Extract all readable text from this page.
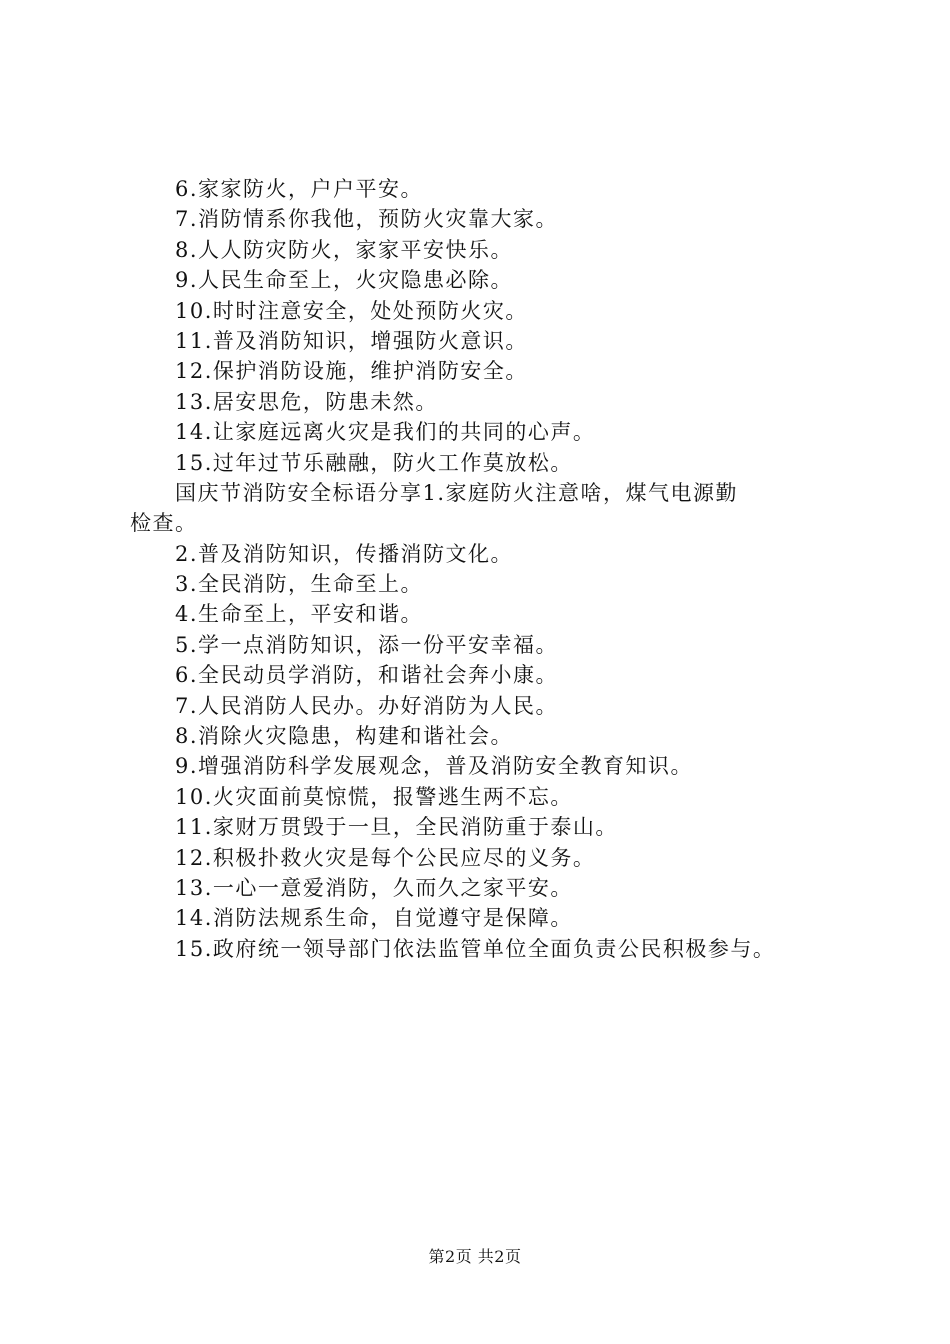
6.家家防火，户户平安。
7.消防情系你我他，预防火灾靠大家。
8.人人防灾防火，家家平安快乐。
9.人民生命至上，火灾隐患必除。
10.时时注意安全，处处预防火灾。
11.普及消防知识，增强防火意识。
12.保护消防设施，维护消防安全。
13.居安思危，防患未然。
14.让家庭远离火灾是我们的共同的心声。
15.过年过节乐融融，防火工作莫放松。
国庆节消防安全标语分享1.家庭防火注意啥，煤气电源勤
检查。
2.普及消防知识，传播消防文化。
3.全民消防，生命至上。
4.生命至上，平安和谐。
5.学一点消防知识，添一份平安幸福。
6.全民动员学消防，和谐社会奔小康。
7.人民消防人民办。办好消防为人民。
8.消除火灾隐患，构建和谐社会。
9.增强消防科学发展观念，普及消防安全教育知识。
10.火灾面前莫惊慌，报警逃生两不忘。
11.家财万贯毁于一旦，全民消防重于泰山。
12.积极扑救火灾是每个公民应尽的义务。
13.一心一意爱消防，久而久之家平安。
14.消防法规系生命，自觉遵守是保障。
15.政府统一领导部门依法监管单位全面负责公民积极参与。
第2页 共2页
